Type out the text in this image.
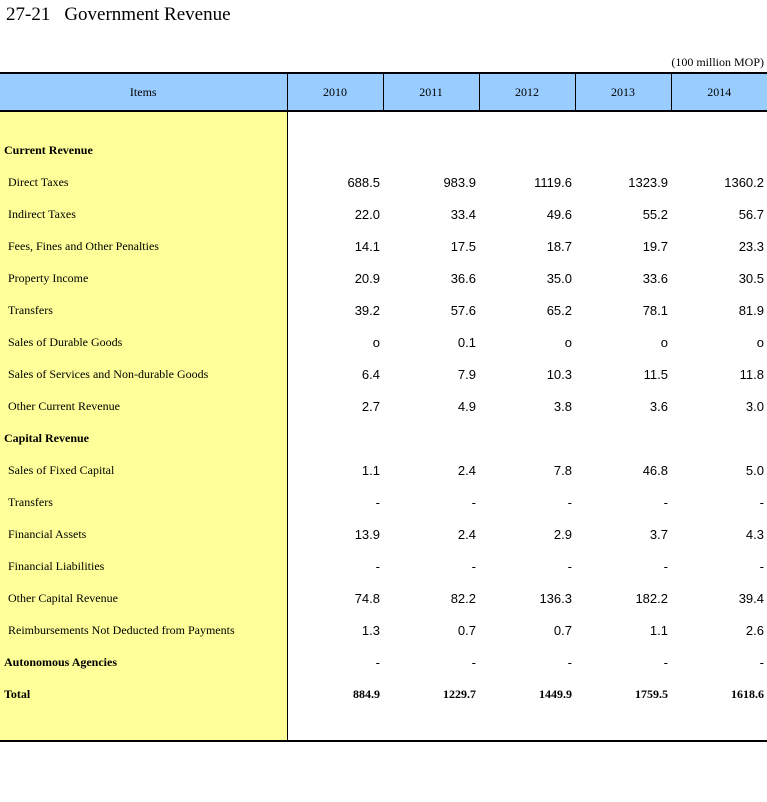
27-21 Government Revenue
(100 million MOP)
Items	2010	2011	2012	2013	2014

Current Revenue					
Direct Taxes	688.5	983.9	1119.6	1323.9	1360.2
Indirect Taxes	22.0	33.4	49.6	55.2	56.7
Fees, Fines and Other Penalties	14.1	17.5	18.7	19.7	23.3
Property Income	20.9	36.6	35.0	33.6	30.5
Transfers	39.2	57.6	65.2	78.1	81.9
Sales of Durable Goods	o	0.1	o	o	o
Sales of Services and Non-durable Goods	6.4	7.9	10.3	11.5	11.8
Other Current Revenue	2.7	4.9	3.8	3.6	3.0
Capital Revenue					
Sales of Fixed Capital	1.1	2.4	7.8	46.8	5.0
Transfers	-	-	-	-	-
Financial Assets	13.9	2.4	2.9	3.7	4.3
Financial Liabilities	-	-	-	-	-
Other Capital Revenue	74.8	82.2	136.3	182.2	39.4
Reimbursements Not Deducted from Payments	1.3	0.7	0.7	1.1	2.6
Autonomous Agencies	-	-	-	-	-
Total	884.9	1229.7	1449.9	1759.5	1618.6
